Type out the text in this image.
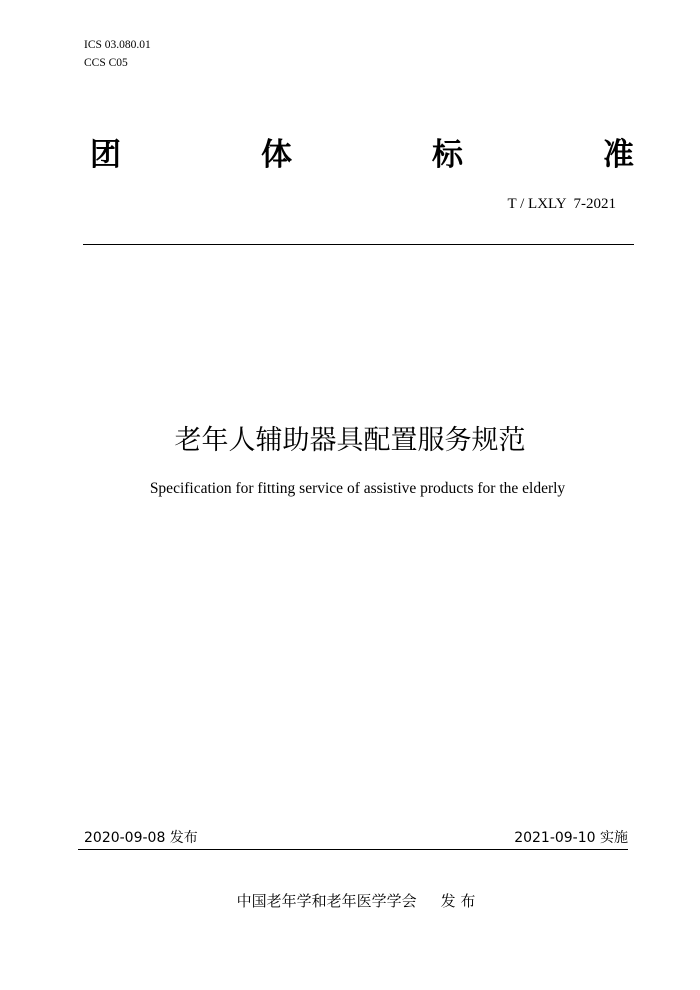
ICS 03.080.01
CCS C05
团	体	标	准
T / LXLY  7-2021
老年人辅助器具配置服务规范
Specification for fitting service of assistive products for the elderly
2020-09-08 发布	2021-09-10 实施
中国老年学和老年医学学会 发 布
